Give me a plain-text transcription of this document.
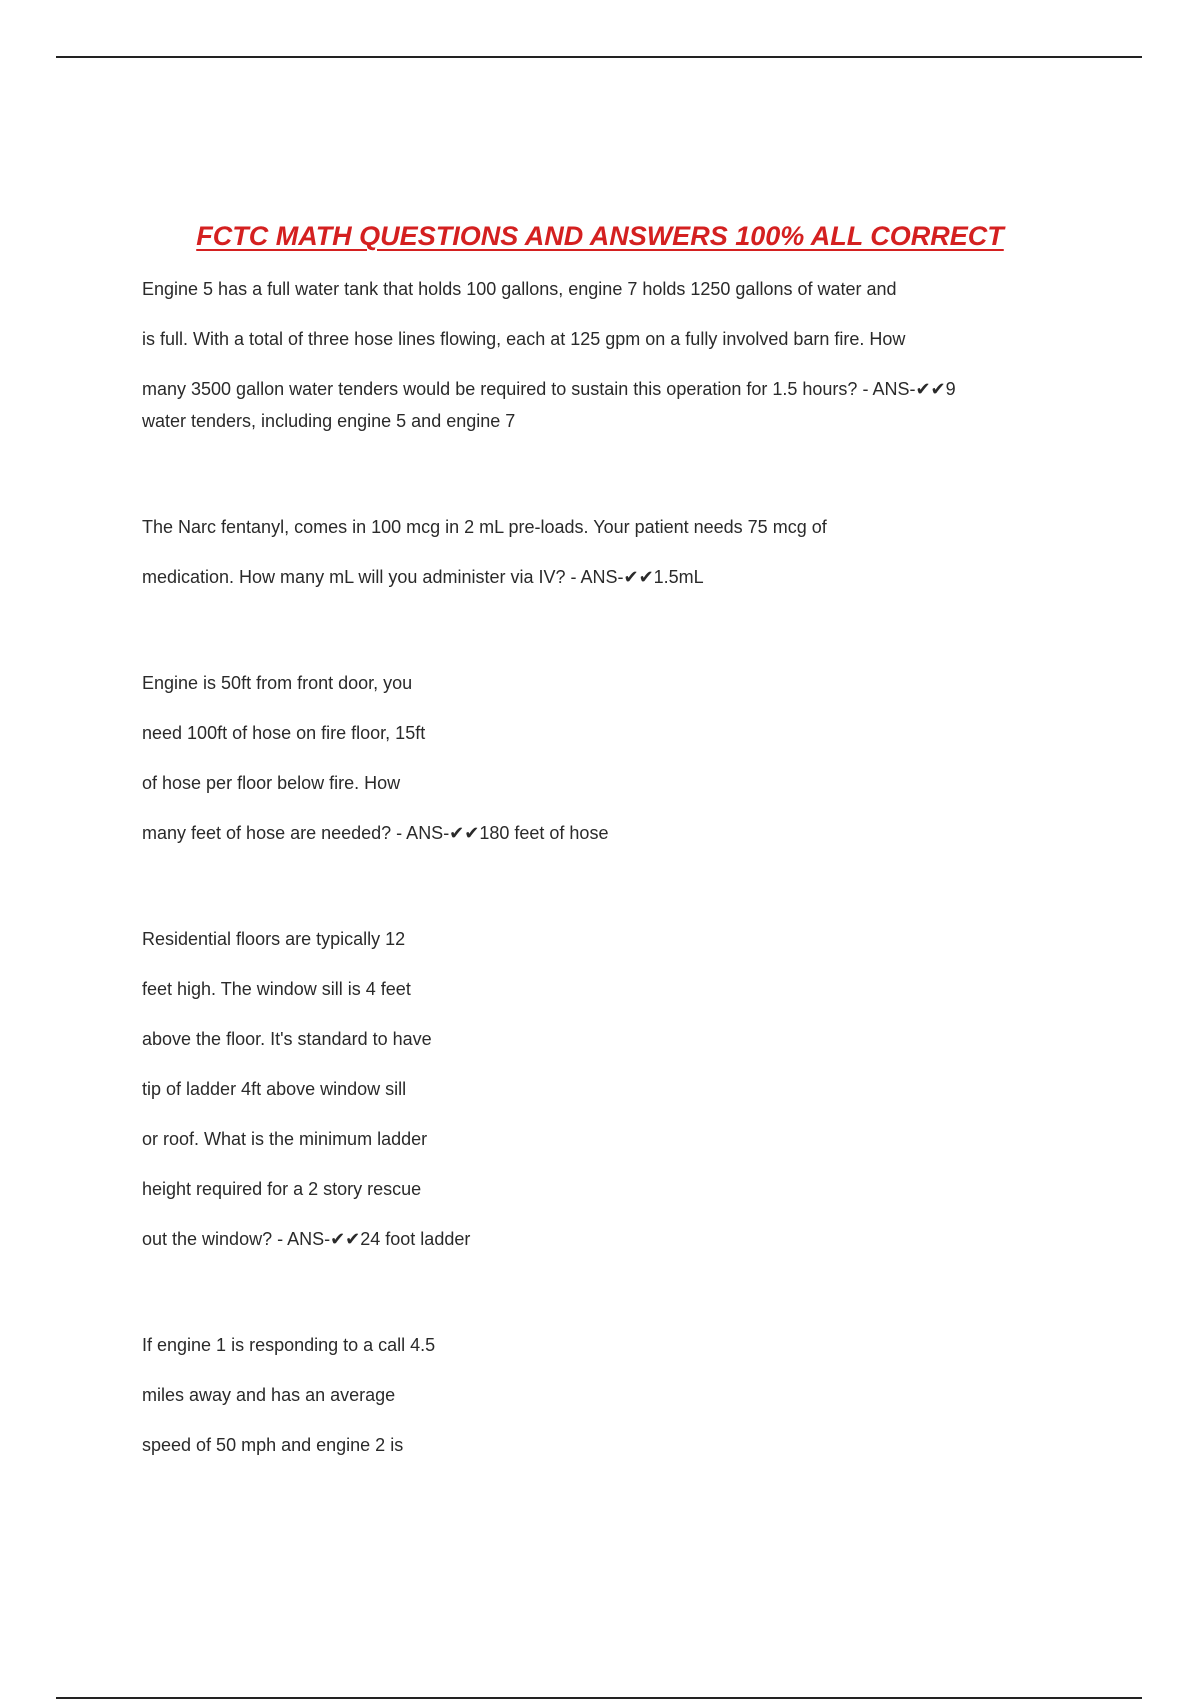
FCTC MATH QUESTIONS AND ANSWERS 100% ALL CORRECT
Engine 5 has a full water tank that holds 100 gallons, engine 7 holds 1250 gallons of water and
is full. With a total of three hose lines flowing, each at 125 gpm on a fully involved barn fire. How
many 3500 gallon water tenders would be required to sustain this operation for 1.5 hours? - ANS-✔✔9
water tenders, including engine 5 and engine 7
The Narc fentanyl, comes in 100 mcg in 2 mL pre-loads. Your patient needs 75 mcg of
medication. How many mL will you administer via IV? - ANS-✔✔1.5mL
Engine is 50ft from front door, you
need 100ft of hose on fire floor, 15ft
of hose per floor below fire. How
many feet of hose are needed? - ANS-✔✔180 feet of hose
Residential floors are typically 12
feet high. The window sill is 4 feet
above the floor. It's standard to have
tip of ladder 4ft above window sill
or roof. What is the minimum ladder
height required for a 2 story rescue
out the window? - ANS-✔✔24 foot ladder
If engine 1 is responding to a call 4.5
miles away and has an average
speed of 50 mph and engine 2 is
